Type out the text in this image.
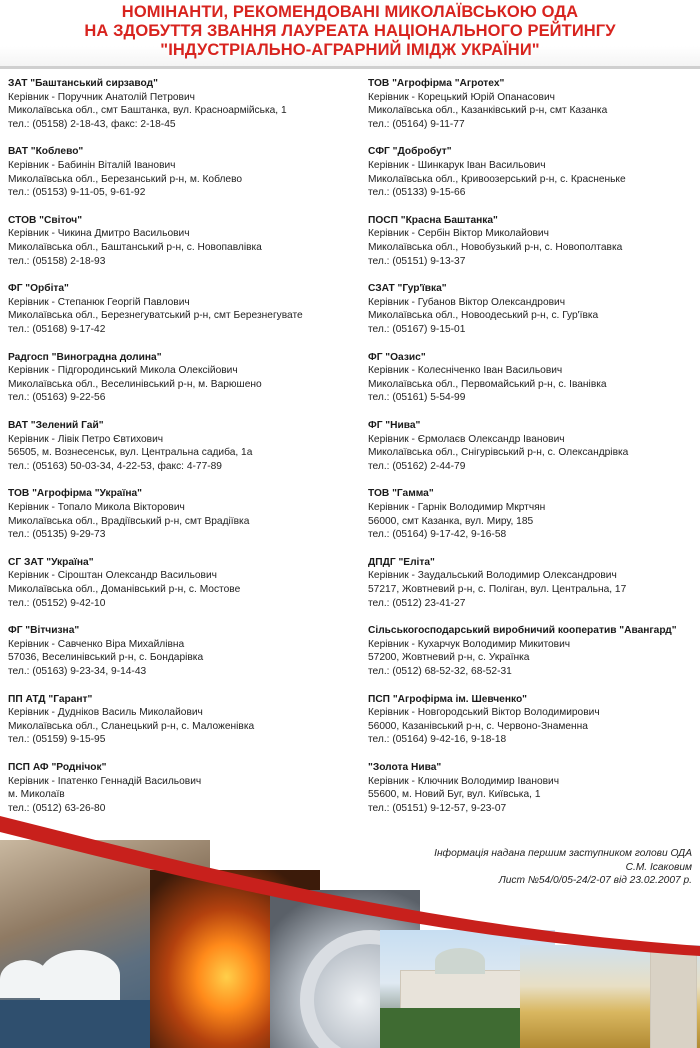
НОМІНАНТИ, РЕКОМЕНДОВАНІ МИКОЛАЇВСЬКОЮ ОДА
НА ЗДОБУТТЯ ЗВАННЯ ЛАУРЕАТА НАЦІОНАЛЬНОГО РЕЙТИНГУ
"ІНДУСТРІАЛЬНО-АГРАРНИЙ ІМІДЖ УКРАЇНИ"
ЗАТ "Баштанський сирзавод"
Керівник - Поручник Анатолій Петрович
Миколаївська обл., смт Баштанка, вул. Красноармійська, 1
тел.: (05158) 2-18-43, факс: 2-18-45
ВАТ "Коблево"
Керівник - Бабинін Віталій Іванович
Миколаївська обл., Березанський р-н, м. Коблево
тел.: (05153) 9-11-05, 9-61-92
СТОВ "Світоч"
Керівник - Чикина Дмитро Васильович
Миколаївська обл., Баштанський р-н, с. Новопавлівка
тел.: (05158) 2-18-93
ФГ "Орбіта"
Керівник - Степанюк Георгій Павлович
Миколаївська обл., Березнегуватський р-н, смт Березнегувате
тел.: (05168) 9-17-42
Радгосп "Виноградна долина"
Керівник - Підгородинський Микола Олексійович
Миколаївська обл., Веселинівський р-н, м. Варюшено
тел.: (05163) 9-22-56
ВАТ "Зелений Гай"
Керівник - Лівік Петро Євтихович
56505, м. Вознесенськ, вул. Центральна садиба, 1а
тел.: (05163) 50-03-34, 4-22-53, факс: 4-77-89
ТОВ "Агрофірма "Україна"
Керівник - Топало Микола Вікторович
Миколаївська обл., Врадіївський р-н, смт Врадіївка
тел.: (05135) 9-29-73
СГ ЗАТ "Україна"
Керівник - Сіроштан Олександр Васильович
Миколаївська обл., Доманівський р-н, с. Мостове
тел.: (05152) 9-42-10
ФГ "Вітчизна"
Керівник - Савченко Віра Михайлівна
57036, Веселинівський р-н, с. Бондарівка
тел.: (05163) 9-23-34, 9-14-43
ПП АТД "Гарант"
Керівник - Дудніков Василь Миколайович
Миколаївська обл., Сланецький р-н, с. Маложенівка
тел.: (05159) 9-15-95
ПСП АФ "Роднічок"
Керівник - Іпатенко Геннадій Васильович
м. Миколаїв
тел.: (0512) 63-26-80
ТОВ "Агрофірма "Агротех"
Керівник - Корецький Юрій Опанасович
Миколаївська обл., Казанківський р-н, смт Казанка
тел.: (05164) 9-11-77
СФГ "Добробут"
Керівник - Шинкарук Іван Васильович
Миколаївська обл., Кривоозерський р-н, с. Красненьке
тел.: (05133) 9-15-66
ПОСП "Красна Баштанка"
Керівник - Сербін Віктор Миколайович
Миколаївська обл., Новобузький р-н, с. Новополтавка
тел.: (05151) 9-13-37
СЗАТ "Гур'ївка"
Керівник - Губанов Віктор Олександрович
Миколаївська обл., Новоодеський р-н, с. Гур'ївка
тел.: (05167) 9-15-01
ФГ "Оазис"
Керівник - Колесніченко Іван Васильович
Миколаївська обл., Первомайський р-н, с. Іванівка
тел.: (05161) 5-54-99
ФГ "Нива"
Керівник - Єрмолаєв Олександр Іванович
Миколаївська обл., Снігурівський р-н, с. Олександрівка
тел.: (05162) 2-44-79
ТОВ "Гамма"
Керівник - Гарнік Володимир Мкртчян
56000, смт Казанка, вул. Миру, 185
тел.: (05164) 9-17-42, 9-16-58
ДПДГ "Еліта"
Керівник - Заудальський Володимир Олександрович
57217, Жовтневий р-н, с. Поліган, вул. Центральна, 17
тел.: (0512) 23-41-27
Сільськогосподарський виробничий кооператив "Авангард"
Керівник - Кухарчук Володимир Микитович
57200, Жовтневий р-н, с. Українка
тел.: (0512) 68-52-32, 68-52-31
ПСП "Агрофірма ім. Шевченко"
Керівник - Новгородський Віктор Володимирович
56000, Казанівський р-н, с. Червоно-Знаменна
тел.: (05164) 9-42-16, 9-18-18
"Золота Нива"
Керівник - Ключник Володимир Іванович
55600, м. Новий Буг, вул. Київська, 1
тел.: (05151) 9-12-57, 9-23-07
Інформація надана першим заступником голови ОДА
С.М. Ісаковим
Лист №54/0/05-24/2-07 від 23.02.2007 р.
